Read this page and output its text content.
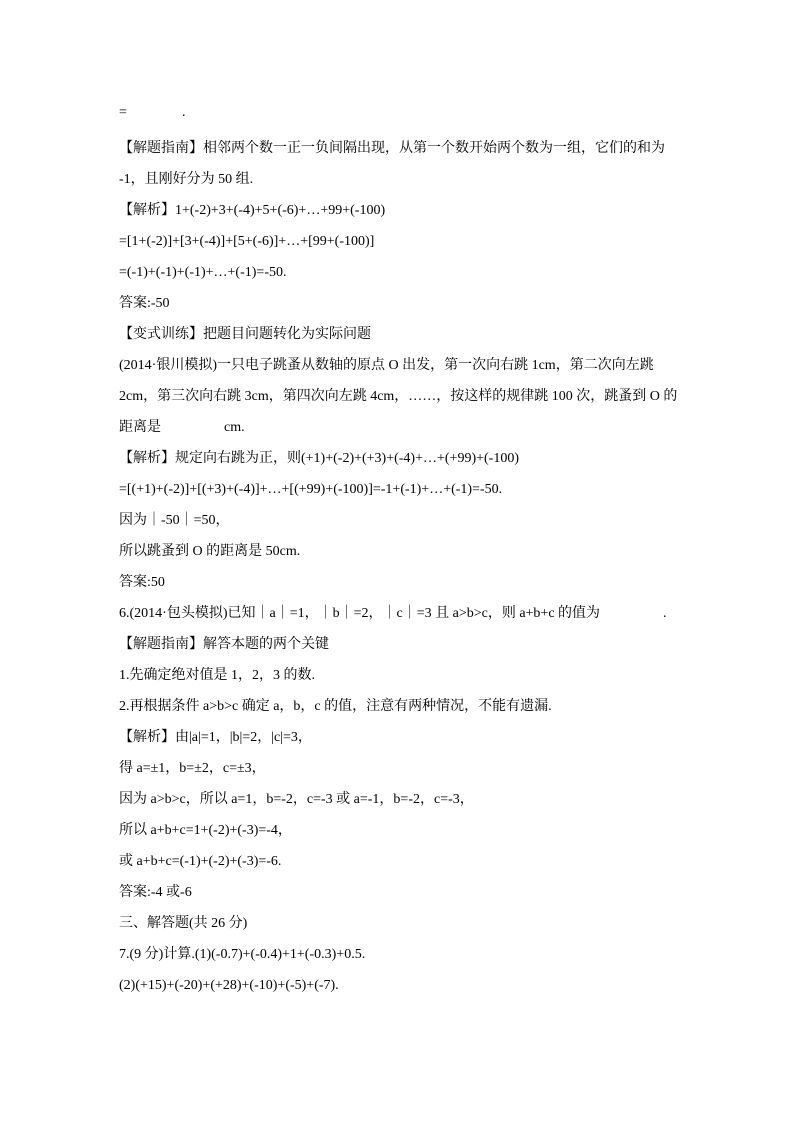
=	.
【解题指南】相邻两个数一正一负间隔出现，从第一个数开始两个数为一组，它们的和为
-1，且刚好分为 50 组.
【解析】1+(-2)+3+(-4)+5+(-6)+…+99+(-100)
=[1+(-2)]+[3+(-4)]+[5+(-6)]+…+[99+(-100)]
=(-1)+(-1)+(-1)+…+(-1)=-50.
答案:-50
【变式训练】把题目问题转化为实际问题
(2014·银川模拟)一只电子跳蚤从数轴的原点 O 出发，第一次向右跳 1cm，第二次向左跳
2cm，第三次向右跳 3cm，第四次向左跳 4cm，……，按这样的规律跳 100 次，跳蚤到 O 的
距离是                  cm.
【解析】规定向右跳为正，则(+1)+(-2)+(+3)+(-4)+…+(+99)+(-100)
=[(+1)+(-2)]+[(+3)+(-4)]+…+[(+99)+(-100)]=-1+(-1)+…+(-1)=-50.
因为｜-50｜=50，
所以跳蚤到 O 的距离是 50cm.
答案:50
6.(2014·包头模拟)已知｜a｜=1，｜b｜=2，｜c｜=3 且 a>b>c，则 a+b+c 的值为                  .
【解题指南】解答本题的两个关键
1.先确定绝对值是 1，2，3 的数.
2.再根据条件 a>b>c 确定 a，b，c 的值，注意有两种情况，不能有遗漏.
【解析】由|a|=1，|b|=2，|c|=3，
得 a=±1，b=±2，c=±3，
因为 a>b>c，所以 a=1，b=-2，c=-3 或 a=-1，b=-2，c=-3，
所以 a+b+c=1+(-2)+(-3)=-4，
或 a+b+c=(-1)+(-2)+(-3)=-6.
答案:-4 或-6
三、解答题(共 26 分)
7.(9 分)计算.(1)(-0.7)+(-0.4)+1+(-0.3)+0.5.
(2)(+15)+(-20)+(+28)+(-10)+(-5)+(-7).
